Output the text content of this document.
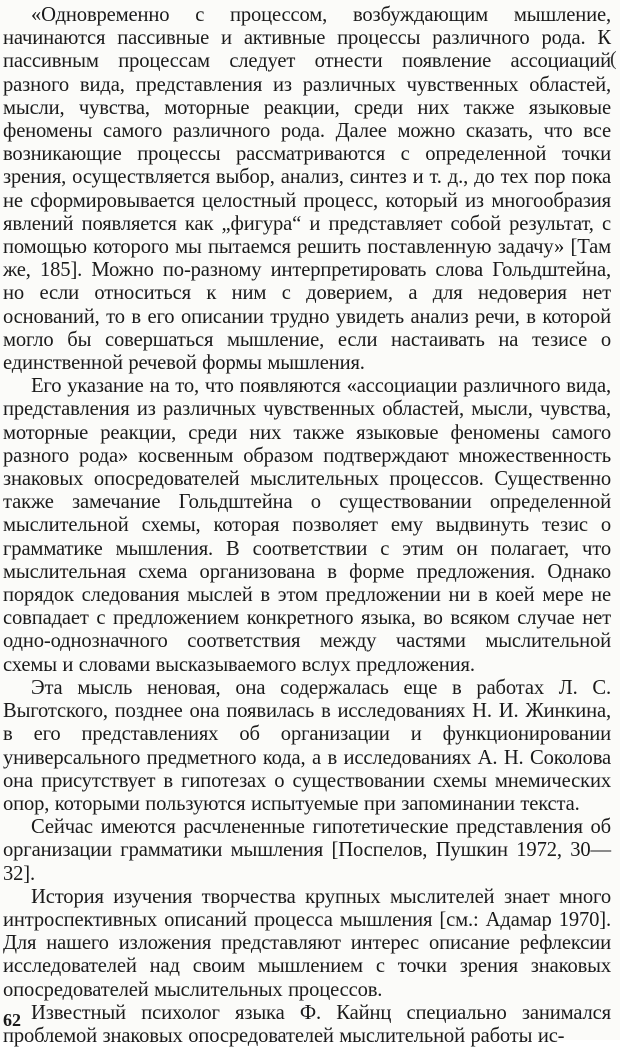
«Одновременно с процессом, возбуждающим мышление, начинаются пассивные и активные процессы различного рода. К пассивным процессам следует отнести появление ассоциаций разного вида, представления из различных чувственных областей, мысли, чувства, моторные реакции, среди них также языковые феномены самого различного рода. Далее можно сказать, что все возникающие процессы рассматриваются с определенной точки зрения, осуществляется выбор, анализ, синтез и т. д., до тех пор пока не сформировывается целостный процесс, который из многообразия явлений появляется как „фигура“ и представляет собой результат, с помощью которого мы пытаемся решить поставленную задачу» [Там же, 185]. Можно по-разному интерпретировать слова Гольдштейна, но если относиться к ним с доверием, а для недоверия нет оснований, то в его описании трудно увидеть анализ речи, в которой могло бы совершаться мышление, если настаивать на тезисе о единственной речевой формы мышления.

Его указание на то, что появляются «ассоциации различного вида, представления из различных чувственных областей, мысли, чувства, моторные реакции, среди них также языковые феномены самого разного рода» косвенным образом подтверждают множественность знаковых опосредователей мыслительных процессов. Существенно также замечание Гольдштейна о существовании определенной мыслительной схемы, которая позволяет ему выдвинуть тезис о грамматике мышления. В соответствии с этим он полагает, что мыслительная схема организована в форме предложения. Однако порядок следования мыслей в этом предложении ни в коей мере не совпадает с предложением конкретного языка, во всяком случае нет одно-однозначного соответствия между частями мыслительной схемы и словами высказываемого вслух предложения.

Эта мысль неновая, она содержалась еще в работах Л. С. Выготского, позднее она появилась в исследованиях Н. И. Жинкина, в его представлениях об организации и функционировании универсального предметного кода, а в исследованиях А. Н. Соколова она присутствует в гипотезах о существовании схемы мнемических опор, которыми пользуются испытуемые при запоминании текста.

Сейчас имеются расчлененные гипотетические представления об организации грамматики мышления [Поспелов, Пушкин 1972, 30—32].

История изучения творчества крупных мыслителей знает много интроспективных описаний процесса мышления [см.: Адамар 1970]. Для нашего изложения представляют интерес описание рефлексии исследователей над своим мышлением с точки зрения знаковых опосредователей мыслительных процессов.

Известный психолог языка Ф. Кайнц специально занимался проблемой знаковых опосредователей мыслительной работы ис-

(
62
